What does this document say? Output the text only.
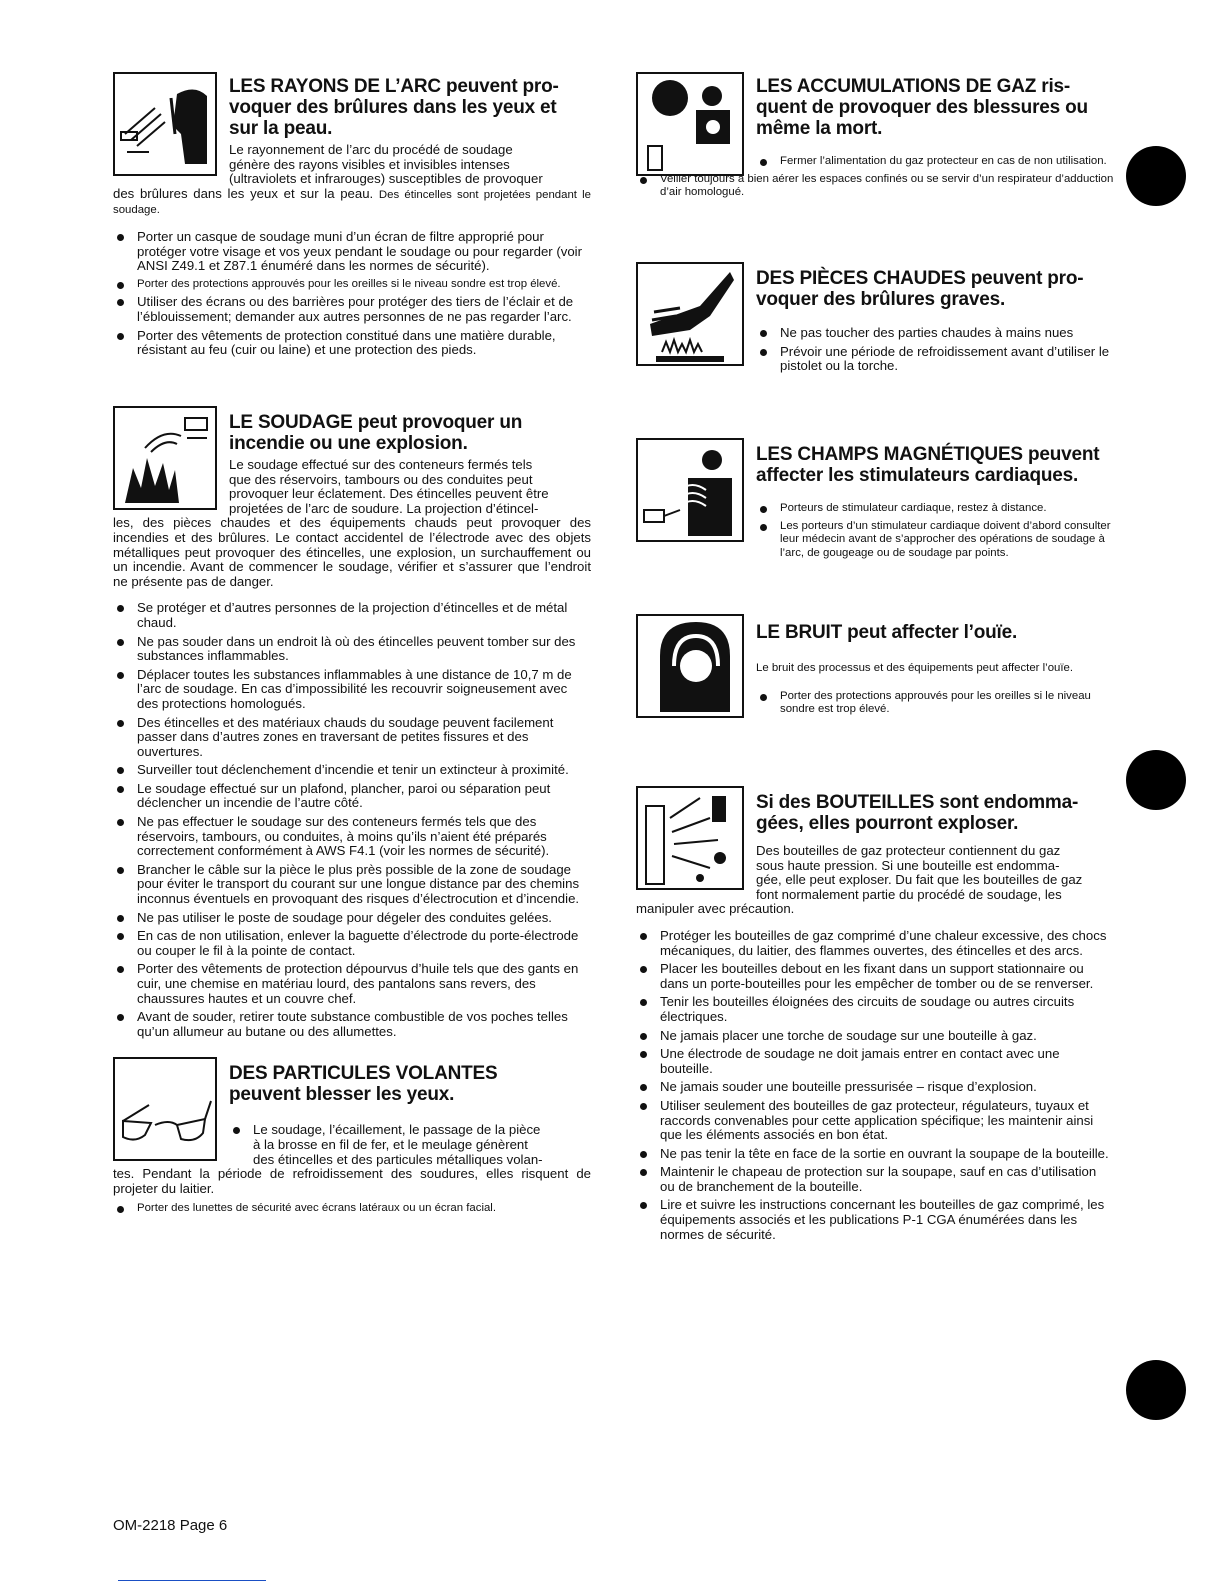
LES RAYONS DE L’ARC peuvent pro-
voquer des brûlures dans les yeux et
sur la peau.
Le rayonnement de l’arc du procédé de soudage
génère des rayons visibles et invisibles intenses
(ultraviolets et infrarouges) susceptibles de provoquer
des brûlures dans les yeux et sur la peau. Des étincelles sont projetées pendant le soudage.
Porter un casque de soudage muni d’un écran de filtre approprié pour protéger votre visage et vos yeux pendant le soudage ou pour regarder (voir ANSI Z49.1 et Z87.1 énuméré dans les normes de sécurité).
Porter des protections approuvés pour les oreilles si le niveau sondre est trop élevé.
Utiliser des écrans ou des barrières pour protéger des tiers de l’éclair et de l’éblouissement; demander aux autres personnes de ne pas regarder l’arc.
Porter des vêtements de protection constitué dans une matière durable, résistant au feu (cuir ou laine) et une protection des pieds.
LE SOUDAGE peut provoquer un
incendie ou une explosion.
Le soudage effectué sur des conteneurs fermés tels
que des réservoirs, tambours ou des conduites peut
provoquer leur éclatement. Des étincelles peuvent être
projetées de l’arc de soudure. La projection d’étincel-
les, des pièces chaudes et des équipements chauds peut provoquer des incendies et des brûlures. Le contact accidentel de l’électrode avec des objets métalliques peut provoquer des étincelles, une explosion, un surchauffement ou un incendie. Avant de commencer le soudage, vérifier et s’assurer que l’endroit ne présente pas de danger.
Se protéger et d’autres personnes de la projection d’étincelles et de métal chaud.
Ne pas souder dans un endroit là où des étincelles peuvent tomber sur des substances inflammables.
Déplacer toutes les substances inflammables à une distance de 10,7 m de l’arc de soudage. En cas d’impossibilité les recouvrir soigneusement avec des protections homologués.
Des étincelles et des matériaux chauds du soudage peuvent facilement passer dans d’autres zones en traversant de petites fissures et des ouvertures.
Surveiller tout déclenchement d’incendie et tenir un extincteur à proximité.
Le soudage effectué sur un plafond, plancher, paroi ou séparation peut déclencher un incendie de l’autre côté.
Ne pas effectuer le soudage sur des conteneurs fermés tels que des réservoirs, tambours, ou conduites, à moins qu’ils n’aient été préparés correctement conformément à AWS F4.1 (voir les normes de sécurité).
Brancher le câble sur la pièce le plus près possible de la zone de soudage pour éviter le transport du courant sur une longue distance par des chemins inconnus éventuels en provoquant des risques d’électrocution et d’incendie.
Ne pas utiliser le poste de soudage pour dégeler des conduites gelées.
En cas de non utilisation, enlever la baguette d’électrode du porte-électrode ou couper le fil à la pointe de contact.
Porter des vêtements de protection dépourvus d’huile tels que des gants en cuir, une chemise en matériau lourd, des pantalons sans revers, des chaussures hautes et un couvre chef.
Avant de souder, retirer toute substance combustible de vos poches telles qu’un allumeur au butane ou des allumettes.
DES PARTICULES VOLANTES
peuvent blesser les yeux.
Le soudage, l’écaillement, le passage de la pièce
à la brosse en fil de fer, et le meulage génèrent
des étincelles et des particules métalliques volan-
tes. Pendant la période de refroidissement des soudures, elles risquent de projeter du laitier.
Porter des lunettes de sécurité avec écrans latéraux ou un écran facial.
LES ACCUMULATIONS DE GAZ ris-
quent de provoquer des blessures ou
même la mort.
Fermer l’alimentation du gaz protecteur en cas de non utilisation.
Veiller toujours à bien aérer les espaces confinés ou se servir d’un respirateur d’adduction d’air homologué.
DES PIÈCES CHAUDES peuvent pro-
voquer des brûlures graves.
Ne pas toucher des parties chaudes à mains nues
Prévoir une période de refroidissement avant d’utiliser le pistolet ou la torche.
LES CHAMPS MAGNÉTIQUES peuvent
affecter les stimulateurs cardiaques.
Porteurs de stimulateur cardiaque, restez à distance.
Les porteurs d’un stimulateur cardiaque doivent d’abord consulter leur médecin avant de s’approcher des opérations de soudage à l’arc, de gougeage ou de soudage par points.
LE BRUIT peut affecter l’ouïe.
Le bruit des processus et des équipements peut affecter l’ouïe.
Porter des protections approuvés pour les oreilles si le niveau sondre est trop élevé.
Si des BOUTEILLES sont endomma-
gées, elles pourront exploser.
Des bouteilles de gaz protecteur contiennent du gaz
sous haute pression. Si une bouteille est endomma-
gée, elle peut exploser. Du fait que les bouteilles de gaz
font normalement partie du procédé de soudage, les
manipuler avec précaution.
Protéger les bouteilles de gaz comprimé d’une chaleur excessive, des chocs mécaniques, du laitier, des flammes ouvertes, des étincelles et des arcs.
Placer les bouteilles debout en les fixant dans un support stationnaire ou dans un porte-bouteilles pour les empêcher de tomber ou de se renverser.
Tenir les bouteilles éloignées des circuits de soudage ou autres circuits électriques.
Ne jamais placer une torche de soudage sur une bouteille à gaz.
Une électrode de soudage ne doit jamais entrer en contact avec une bouteille.
Ne jamais souder une bouteille pressurisée – risque d’explosion.
Utiliser seulement des bouteilles de gaz protecteur, régulateurs, tuyaux et raccords convenables pour cette application spécifique; les maintenir ainsi que les éléments associés en bon état.
Ne pas tenir la tête en face de la sortie en ouvrant la soupape de la bouteille.
Maintenir le chapeau de protection sur la soupape, sauf en cas d’utilisation ou de branchement de la bouteille.
Lire et suivre les instructions concernant les bouteilles de gaz comprimé, les équipements associés et les publications P-1 CGA énumérées dans les normes de sécurité.
OM-2218 Page 6
